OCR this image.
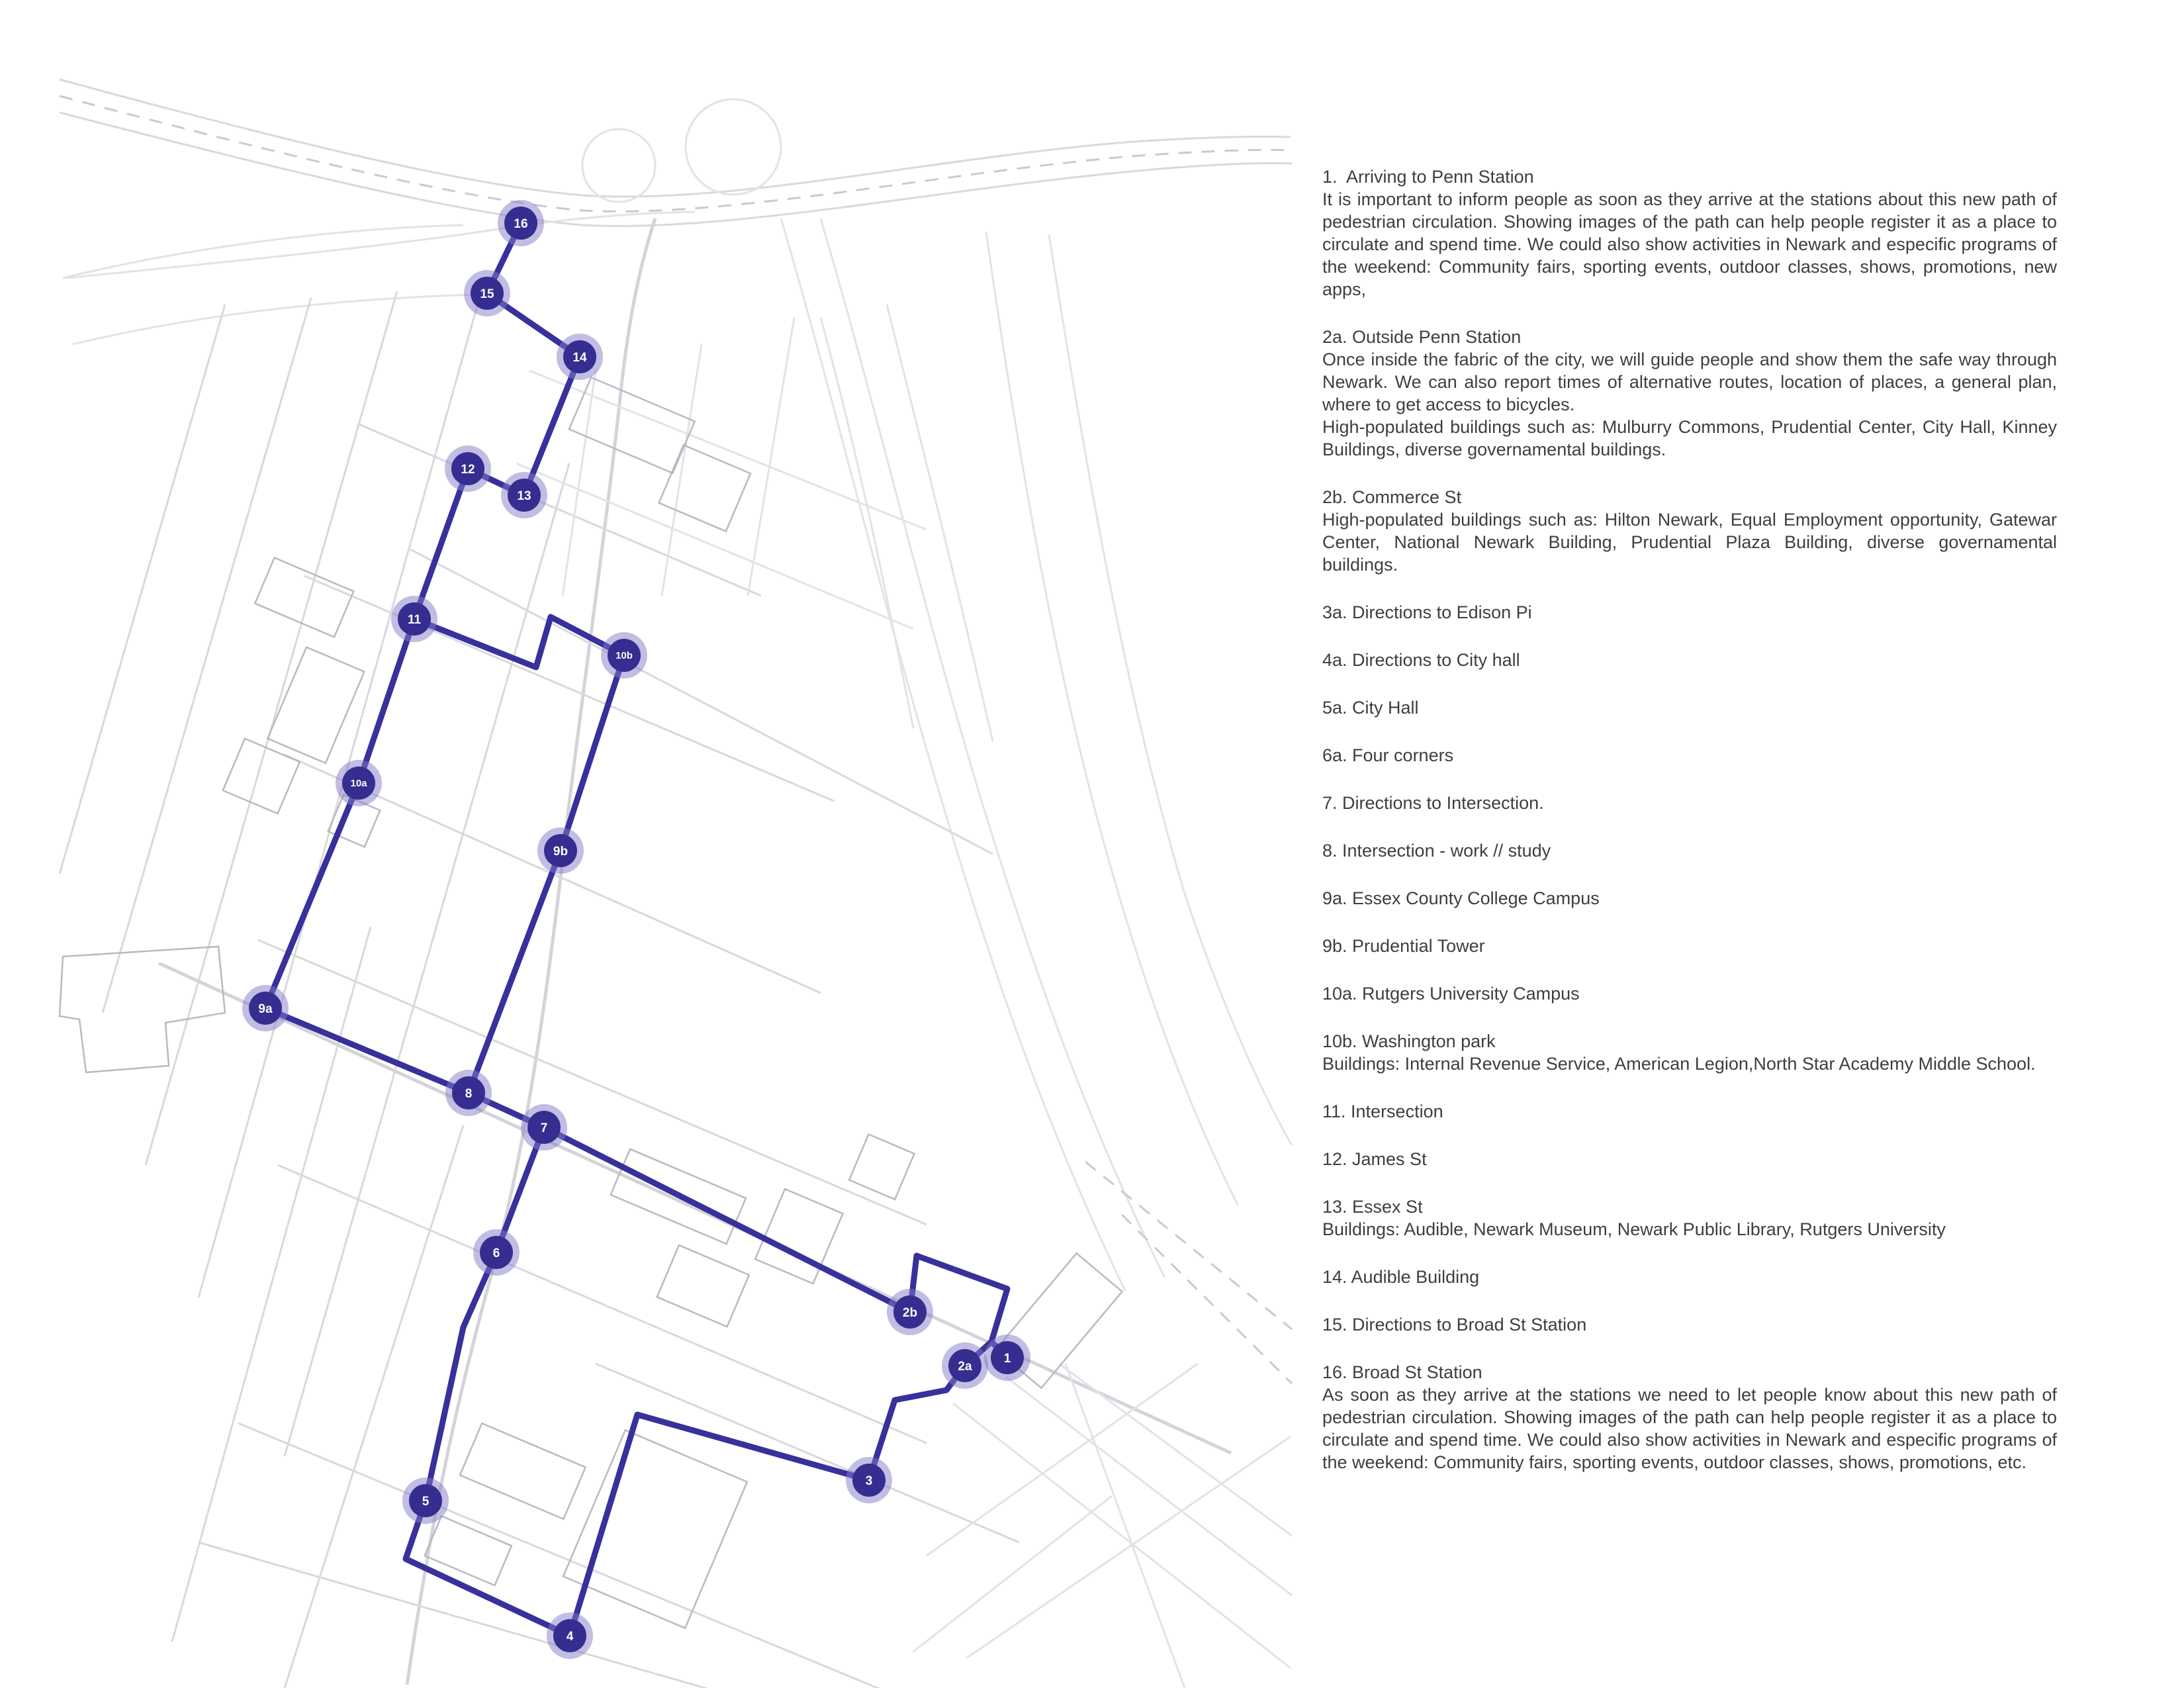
16
15
14
13
12
11
10b
10a
9b
9a
8
7
6
5
4
3
2b
2a
1
1.  Arriving to Penn Station
It is important to inform people as soon as they arrive at the stations about this new path of pedestrian circulation. Showing images of the path can help people register it as a place to circulate and spend time. We could also show activities in Newark and especific programs of the weekend: Community fairs, sporting events, outdoor classes, shows, promotions, new apps,
2a. Outside Penn Station
Once inside the fabric of the city, we will guide people and show them the safe way through Newark. We can also report times of alternative routes, location of places, a general plan, where to get access to bicycles.
High-populated buildings such as: Mulburry Commons, Prudential Center, City Hall, Kinney Buildings, diverse governamental buildings.
2b. Commerce St
High-populated buildings such as: Hilton Newark, Equal Employment opportunity, Gatewar Center, National Newark Building, Prudential Plaza Building, diverse governamental buildings.
3a. Directions to Edison Pi
4a. Directions to City hall
5a. City Hall
6a. Four corners
7. Directions to Intersection.
8. Intersection - work // study
9a. Essex County College Campus
9b. Prudential Tower
10a. Rutgers University Campus
10b. Washington park
Buildings: Internal Revenue Service, American Legion,North Star Academy Middle School.
11. Intersection
12. James St
13. Essex St
Buildings: Audible, Newark Museum, Newark Public Library, Rutgers University
14. Audible Building
15. Directions to Broad St Station
16. Broad St Station
As soon as they arrive at the stations we need to let people know about this new path of pedestrian circulation. Showing images of the path can help people register it as a place to circulate and spend time. We could also show activities in Newark and especific programs of the weekend: Community fairs, sporting events, outdoor classes, shows, promotions, etc.
